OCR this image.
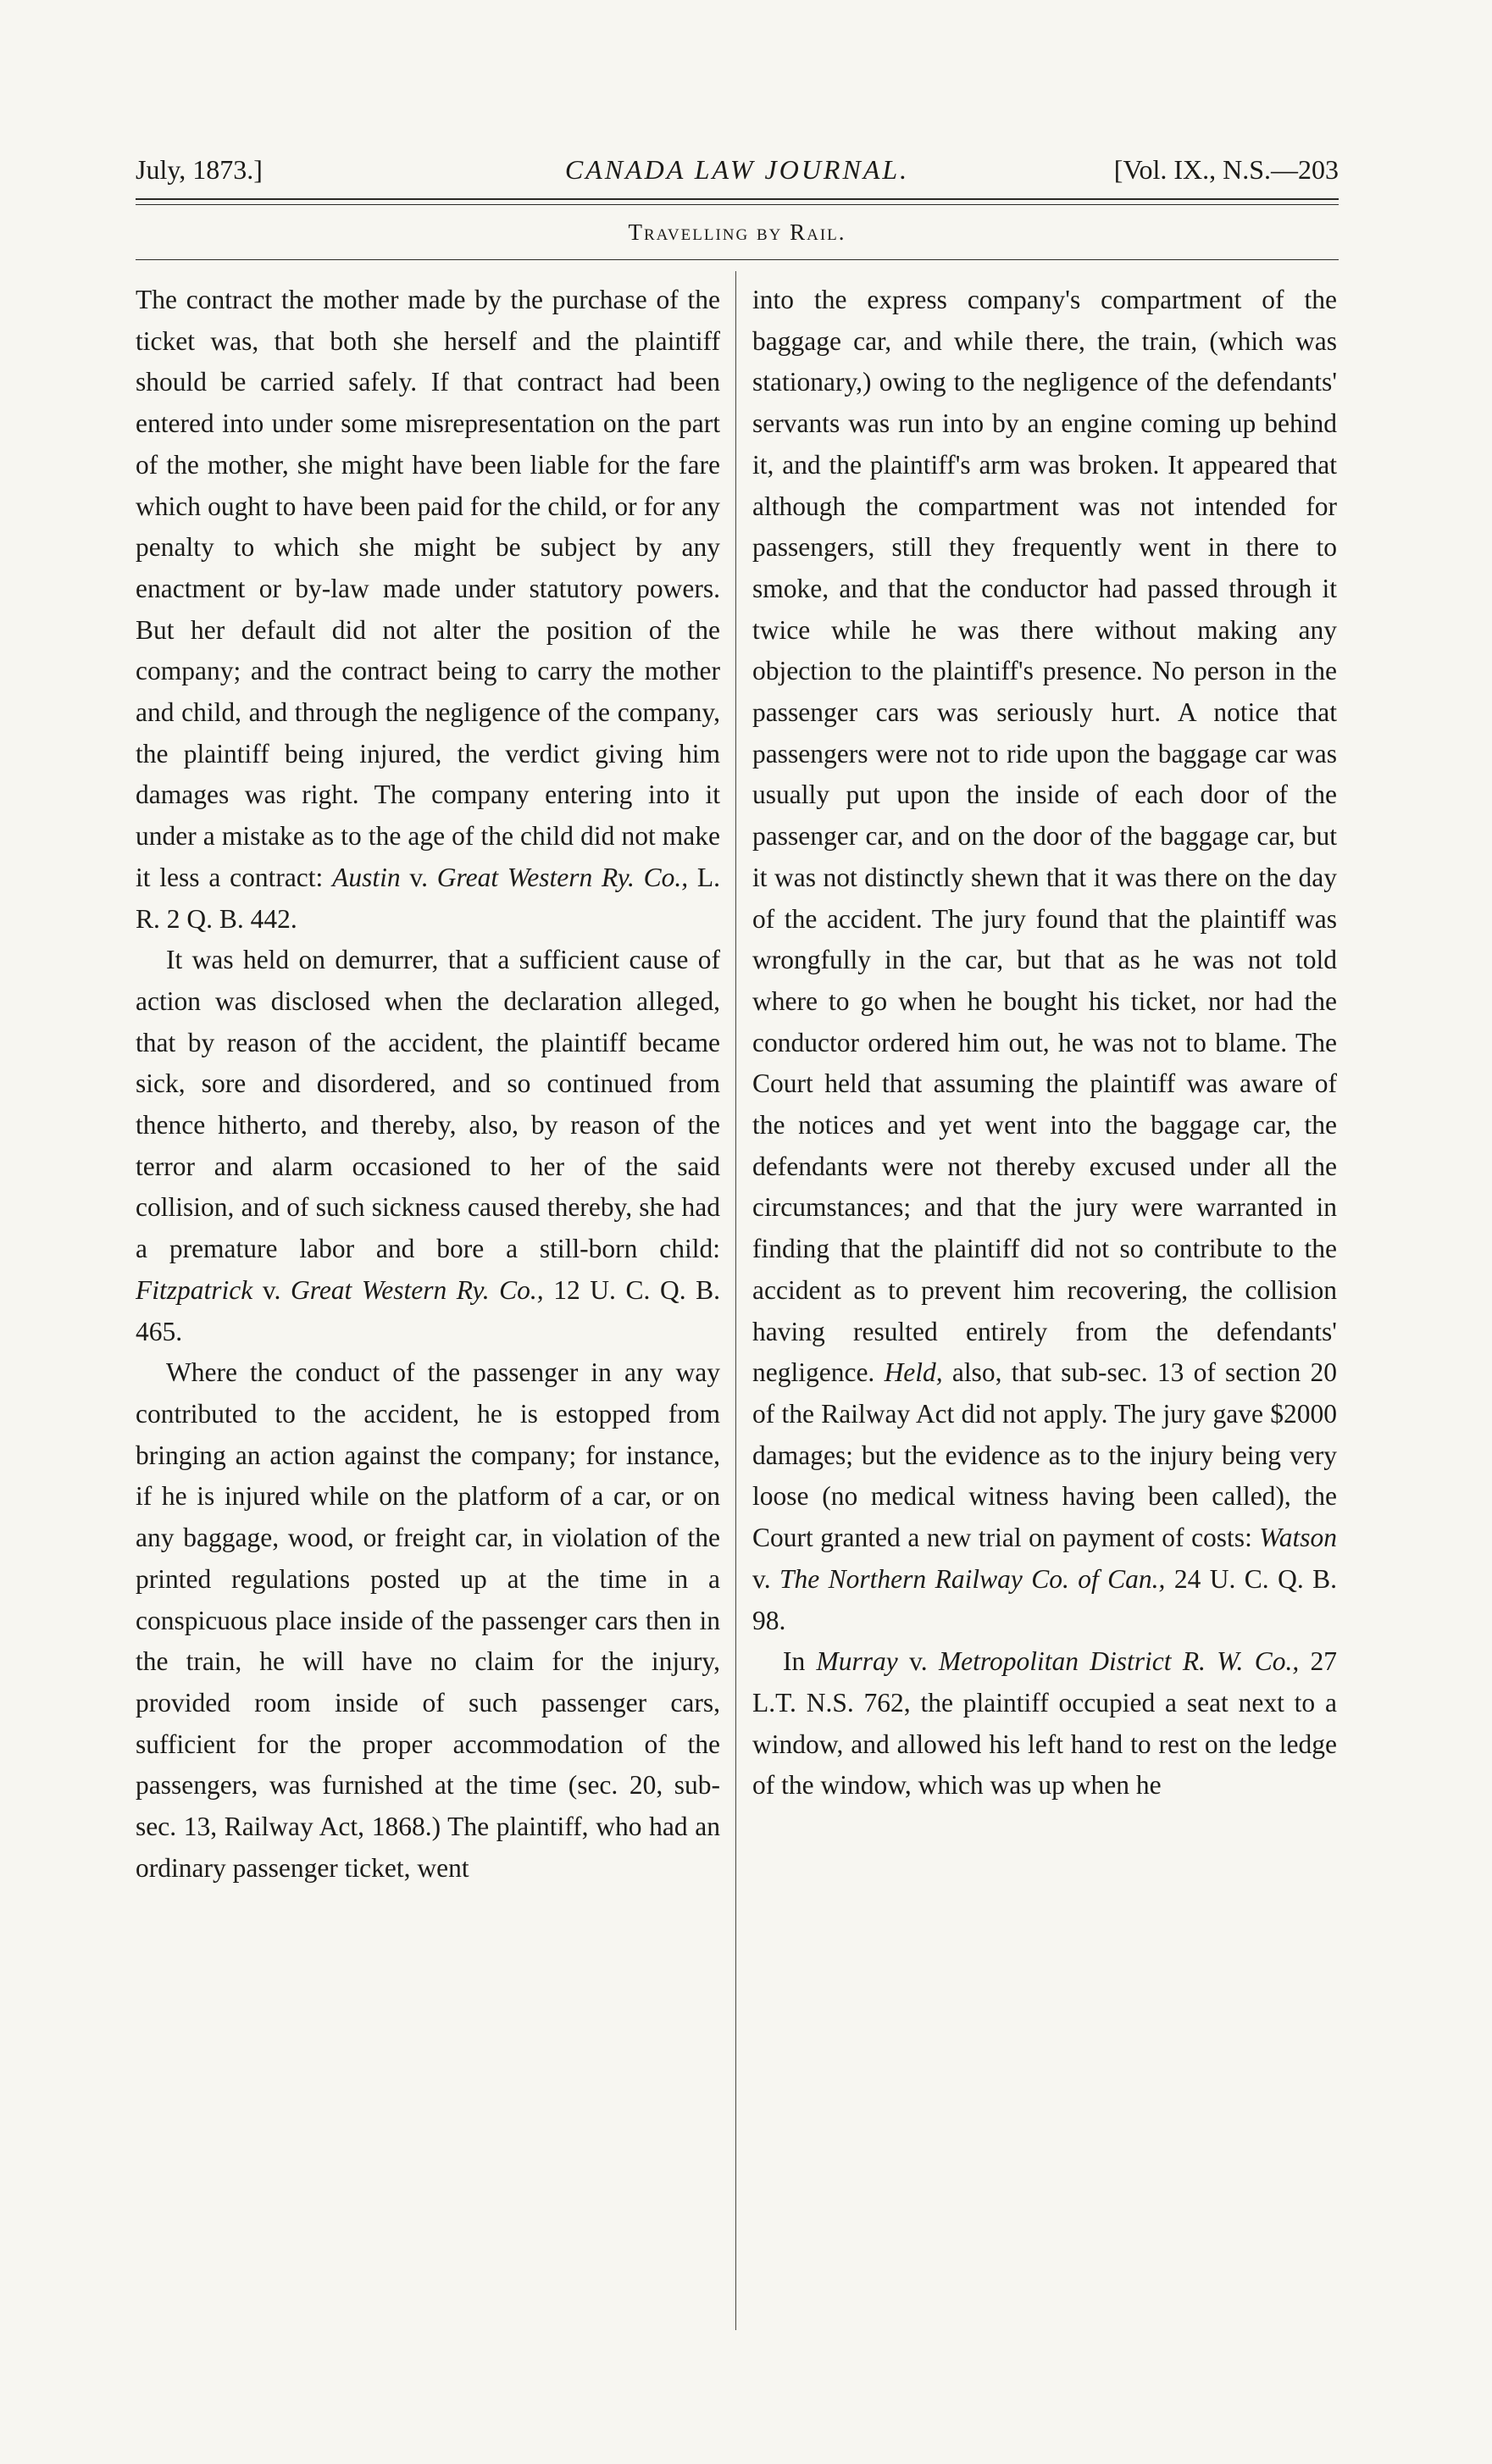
July, 1873.]	CANADA LAW JOURNAL.	[Vol. IX., N.S.—203
Travelling by Rail.

The contract the mother made by the purchase of the ticket was, that both she herself and the plaintiff should be carried safely. If that contract had been entered into under some misrepresentation on the part of the mother, she might have been liable for the fare which ought to have been paid for the child, or for any penalty to which she might be subject by any enactment or by-law made under statutory powers. But her default did not alter the position of the company; and the contract being to carry the mother and child, and through the negligence of the company, the plaintiff being injured, the verdict giving him damages was right. The company entering into it under a mistake as to the age of the child did not make it less a contract: Austin v. Great Western Ry. Co., L. R. 2 Q. B. 442.

It was held on demurrer, that a sufficient cause of action was disclosed when the declaration alleged, that by reason of the accident, the plaintiff became sick, sore and disordered, and so continued from thence hitherto, and thereby, also, by reason of the terror and alarm occasioned to her of the said collision, and of such sickness caused thereby, she had a premature labor and bore a still-born child: Fitzpatrick v. Great Western Ry. Co., 12 U. C. Q. B. 465.

Where the conduct of the passenger in any way contributed to the accident, he is estopped from bringing an action against the company; for instance, if he is injured while on the platform of a car, or on any baggage, wood, or freight car, in violation of the printed regulations posted up at the time in a conspicuous place inside of the passenger cars then in the train, he will have no claim for the injury, provided room inside of such passenger cars, sufficient for the proper accommodation of the passengers, was furnished at the time (sec. 20, sub-sec. 13, Railway Act, 1868.) The plaintiff, who had an ordinary passenger ticket, went

into the express company's compartment of the baggage car, and while there, the train, (which was stationary,) owing to the negligence of the defendants' servants was run into by an engine coming up behind it, and the plaintiff's arm was broken. It appeared that although the compartment was not intended for passengers, still they frequently went in there to smoke, and that the conductor had passed through it twice while he was there without making any objection to the plaintiff's presence. No person in the passenger cars was seriously hurt. A notice that passengers were not to ride upon the baggage car was usually put upon the inside of each door of the passenger car, and on the door of the baggage car, but it was not distinctly shewn that it was there on the day of the accident. The jury found that the plaintiff was wrongfully in the car, but that as he was not told where to go when he bought his ticket, nor had the conductor ordered him out, he was not to blame. The Court held that assuming the plaintiff was aware of the notices and yet went into the baggage car, the defendants were not thereby excused under all the circumstances; and that the jury were warranted in finding that the plaintiff did not so contribute to the accident as to prevent him recovering, the collision having resulted entirely from the defendants' negligence. Held, also, that sub-sec. 13 of section 20 of the Railway Act did not apply. The jury gave $2000 damages; but the evidence as to the injury being very loose (no medical witness having been called), the Court granted a new trial on payment of costs: Watson v. The Northern Railway Co. of Can., 24 U. C. Q. B. 98.

In Murray v. Metropolitan District R. W. Co., 27 L.T. N.S. 762, the plaintiff occupied a seat next to a window, and allowed his left hand to rest on the ledge of the window, which was up when he
